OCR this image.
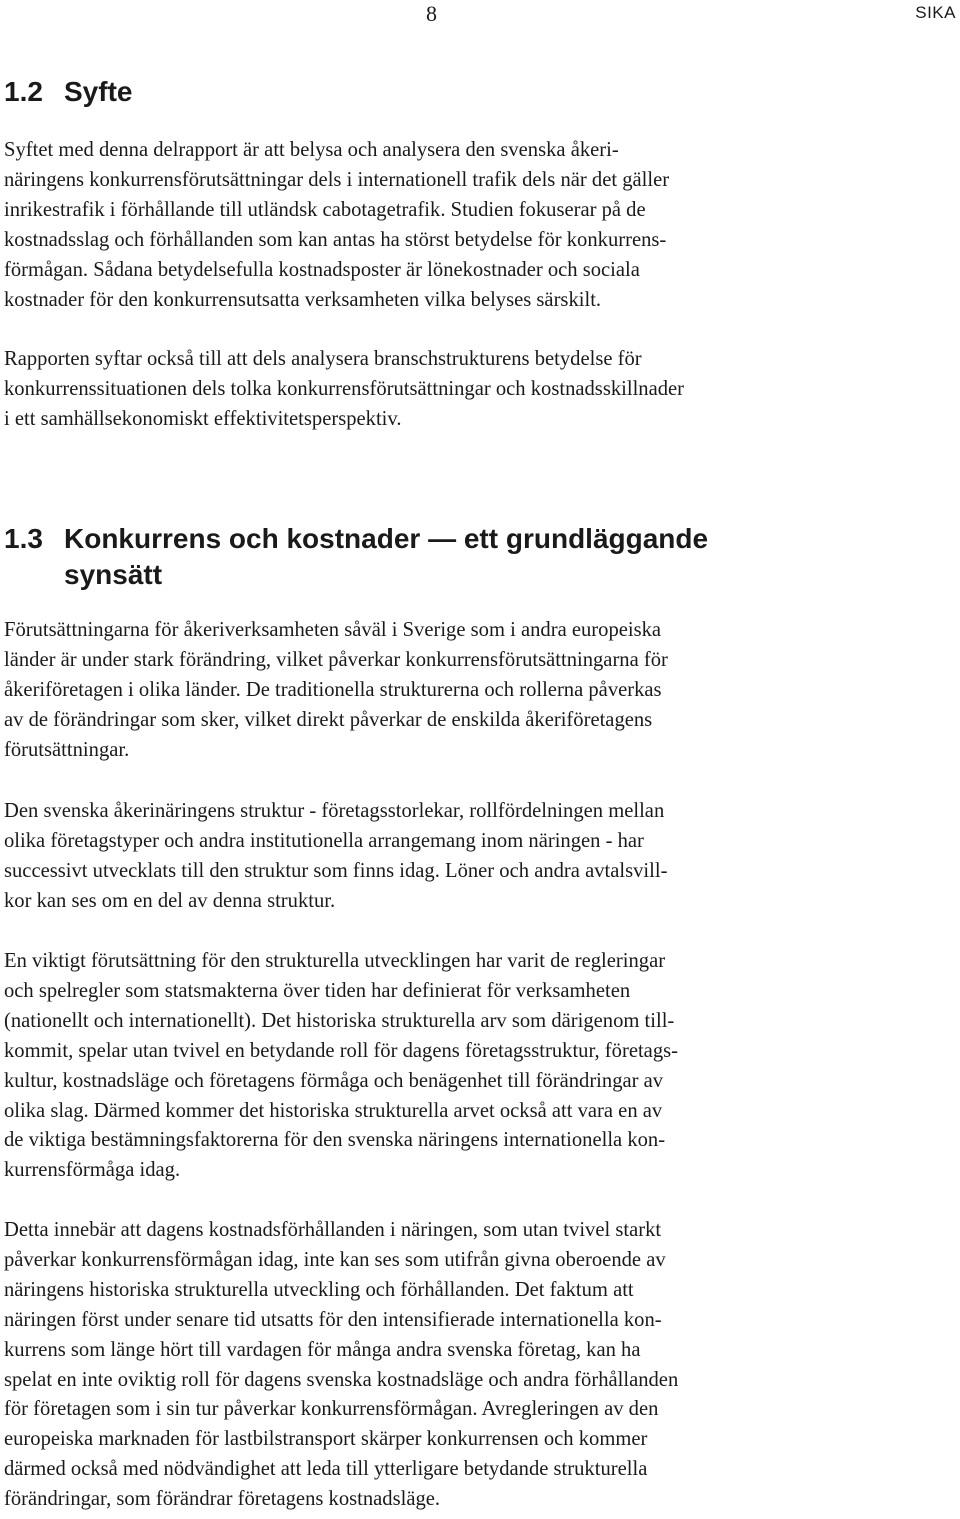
8	SIKA
1.2 Syfte

Syftet med denna delrapport är att belysa och analysera den svenska åkeri-
näringens konkurrensförutsättningar dels i internationell trafik dels när det gäller
inrikestrafik i förhållande till utländsk cabotagetrafik. Studien fokuserar på de
kostnadsslag och förhållanden som kan antas ha störst betydelse för konkurrens-
förmågan. Sådana betydelsefulla kostnadsposter är lönekostnader och sociala
kostnader för den konkurrensutsatta verksamheten vilka belyses särskilt.

Rapporten syftar också till att dels analysera branschstrukturens betydelse för
konkurrenssituationen dels tolka konkurrensförutsättningar och kostnadsskillnader
i ett samhällsekonomiskt effektivitetsperspektiv.

1.3 Konkurrens och kostnader — ett grundläggande
synsätt

Förutsättningarna för åkeriverksamheten såväl i Sverige som i andra europeiska
länder är under stark förändring, vilket påverkar konkurrensförutsättningarna för
åkeriföretagen i olika länder. De traditionella strukturerna och rollerna påverkas
av de förändringar som sker, vilket direkt påverkar de enskilda åkeriföretagens
förutsättningar.

Den svenska åkerinäringens struktur - företagsstorlekar, rollfördelningen mellan
olika företagstyper och andra institutionella arrangemang inom näringen - har
successivt utvecklats till den struktur som finns idag. Löner och andra avtalsvill-
kor kan ses om en del av denna struktur.

En viktigt förutsättning för den strukturella utvecklingen har varit de regleringar
och spelregler som statsmakterna över tiden har definierat för verksamheten
(nationellt och internationellt). Det historiska strukturella arv som därigenom till-
kommit, spelar utan tvivel en betydande roll för dagens företagsstruktur, företags-
kultur, kostnadsläge och företagens förmåga och benägenhet till förändringar av
olika slag. Därmed kommer det historiska strukturella arvet också att vara en av
de viktiga bestämningsfaktorerna för den svenska näringens internationella kon-
kurrensförmåga idag.

Detta innebär att dagens kostnadsförhållanden i näringen, som utan tvivel starkt
påverkar konkurrensförmågan idag, inte kan ses som utifrån givna oberoende av
näringens historiska strukturella utveckling och förhållanden. Det faktum att
näringen först under senare tid utsatts för den intensifierade internationella kon-
kurrens som länge hört till vardagen för många andra svenska företag, kan ha
spelat en inte oviktig roll för dagens svenska kostnadsläge och andra förhållanden
för företagen som i sin tur påverkar konkurrensförmågan. Avregleringen av den
europeiska marknaden för lastbilstransport skärper konkurrensen och kommer
därmed också med nödvändighet att leda till ytterligare betydande strukturella
förändringar, som förändrar företagens kostnadsläge.
